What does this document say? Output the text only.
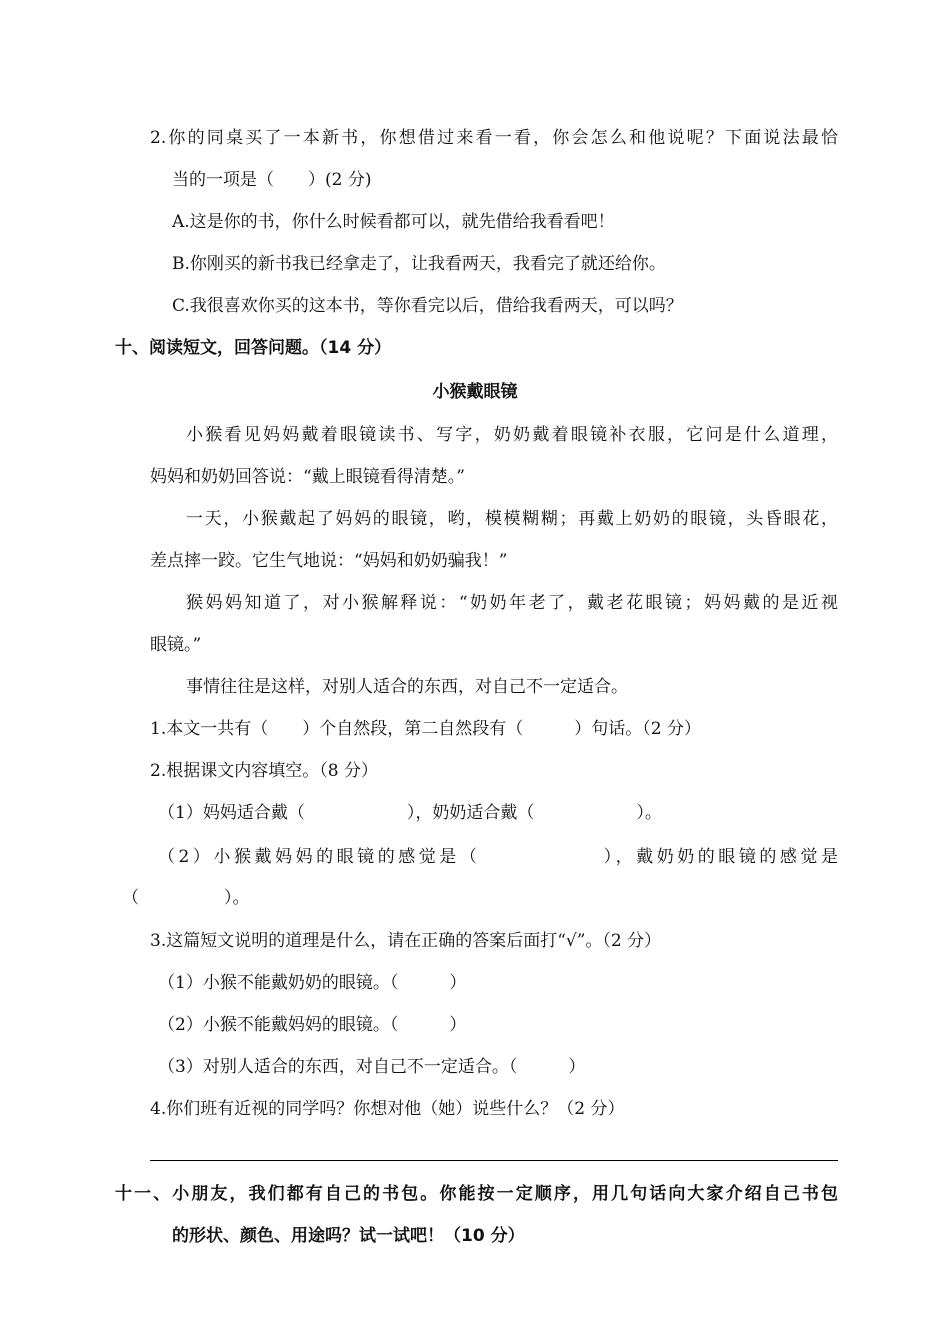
2.你的同桌买了一本新书，你想借过来看一看，你会怎么和他说呢？下面说法最恰
当的一项是（　　）(2 分)
A.这是你的书，你什么时候看都可以，就先借给我看看吧！
B.你刚买的新书我已经拿走了，让我看两天，我看完了就还给你。
C.我很喜欢你买的这本书，等你看完以后，借给我看两天，可以吗？
十、阅读短文，回答问题。（14 分）
小猴戴眼镜
小猴看见妈妈戴着眼镜读书、写字，奶奶戴着眼镜补衣服，它问是什么道理，
妈妈和奶奶回答说：“戴上眼镜看得清楚。”
一天，小猴戴起了妈妈的眼镜，哟，模模糊糊；再戴上奶奶的眼镜，头昏眼花，
差点摔一跤。它生气地说：“妈妈和奶奶骗我！”
猴妈妈知道了，对小猴解释说：“奶奶年老了，戴老花眼镜；妈妈戴的是近视
眼镜。”
事情往往是这样，对别人适合的东西，对自己不一定适合。
1.本文一共有（　　）个自然段，第二自然段有（　　　）句话。（2 分）
2.根据课文内容填空。（8 分）
（1）妈妈适合戴（　　　　　　），奶奶适合戴（　　　　　　）。
（2）小猴戴妈妈的眼镜的感觉是（　　　　　　），戴奶奶的眼镜的感觉是
（　　　　　）。
3.这篇短文说明的道理是什么，请在正确的答案后面打“√”。（2 分）
（1）小猴不能戴奶奶的眼镜。（　　　）
（2）小猴不能戴妈妈的眼镜。（　　　）
（3）对别人适合的东西，对自己不一定适合。（　　　）
4.你们班有近视的同学吗？你想对他（她）说些什么？（2 分）
十一、小朋友，我们都有自己的书包。你能按一定顺序，用几句话向大家介绍自己书包
的形状、颜色、用途吗？试一试吧！（10 分）
